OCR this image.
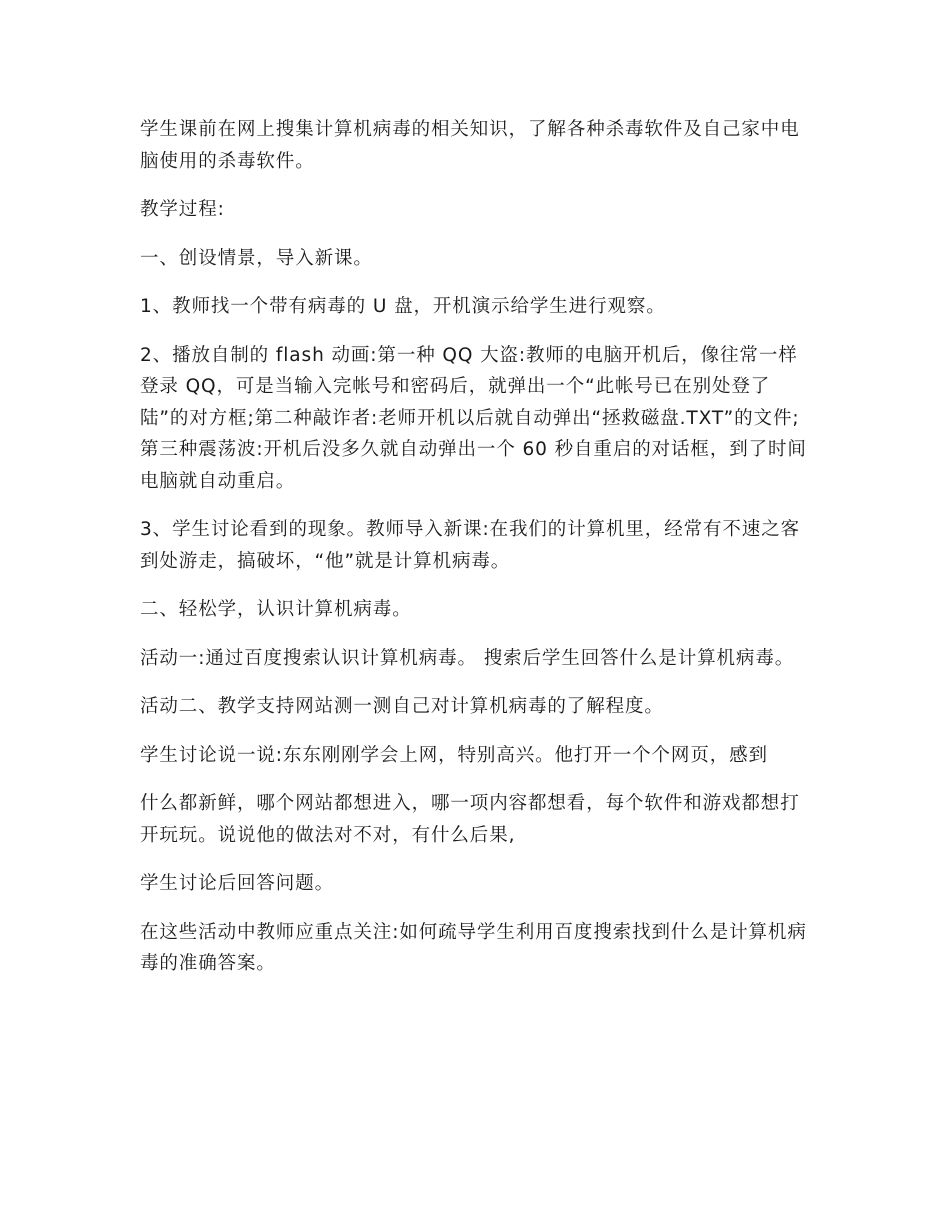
学生课前在网上搜集计算机病毒的相关知识，了解各种杀毒软件及自己家中电脑使用的杀毒软件。

教学过程:

一、创设情景，导入新课。

1、教师找一个带有病毒的 U 盘，开机演示给学生进行观察。

2、播放自制的 flash 动画:第一种 QQ 大盗:教师的电脑开机后，像往常一样登录 QQ，可是当输入完帐号和密码后，就弹出一个“此帐号已在别处登了陆”的对方框;第二种敲诈者:老师开机以后就自动弹出“拯救磁盘.TXT”的文件;第三种震荡波:开机后没多久就自动弹出一个 60 秒自重启的对话框，到了时间电脑就自动重启。

3、学生讨论看到的现象。教师导入新课:在我们的计算机里，经常有不速之客到处游走，搞破坏，“他”就是计算机病毒。

二、轻松学，认识计算机病毒。

活动一:通过百度搜索认识计算机病毒。 搜索后学生回答什么是计算机病毒。

活动二、教学支持网站测一测自己对计算机病毒的了解程度。

学生讨论说一说:东东刚刚学会上网，特别高兴。他打开一个个网页，感到

什么都新鲜，哪个网站都想进入，哪一项内容都想看，每个软件和游戏都想打开玩玩。说说他的做法对不对，有什么后果,

学生讨论后回答问题。

在这些活动中教师应重点关注:如何疏导学生利用百度搜索找到什么是计算机病毒的准确答案。
